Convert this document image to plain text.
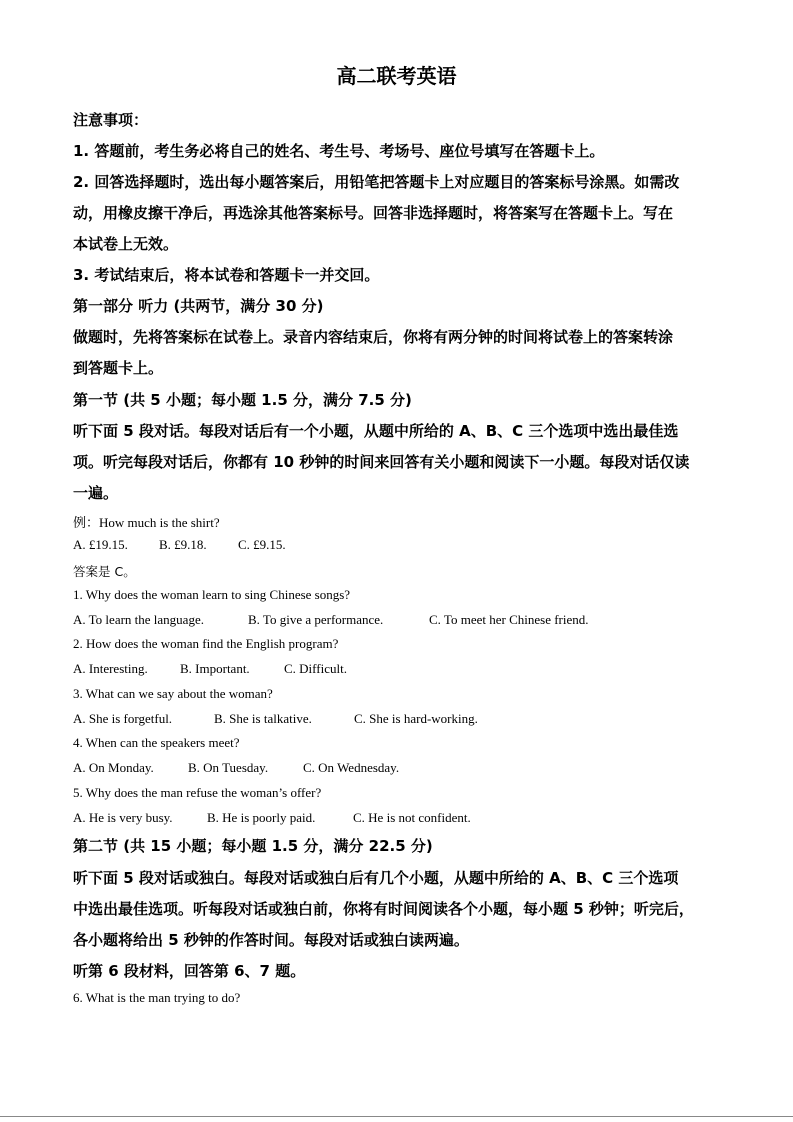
高二联考英语
注意事项：
1. 答题前，考生务必将自己的姓名、考生号、考场号、座位号填写在答题卡上。
2. 回答选择题时，选出每小题答案后，用铅笔把答题卡上对应题目的答案标号涂黑。如需改
动，用橡皮擦干净后，再选涂其他答案标号。回答非选择题时，将答案写在答题卡上。写在
本试卷上无效。
3. 考试结束后，将本试卷和答题卡一并交回。
第一部分 听力 (共两节，满分 30 分)
做题时，先将答案标在试卷上。录音内容结束后，你将有两分钟的时间将试卷上的答案转涂
到答题卡上。
第一节 (共 5 小题；每小题 1.5 分，满分 7.5 分)
听下面 5 段对话。每段对话后有一个小题，从题中所给的 A、B、C 三个选项中选出最佳选
项。听完每段对话后，你都有 10 秒钟的时间来回答有关小题和阅读下一小题。每段对话仅读
一遍。
例：How much is the shirt?
A. £19.15. B. £9.18. C. £9.15.
答案是 C。
1. Why does the woman learn to sing Chinese songs?
A. To learn the language.	B. To give a performance.	C. To meet her Chinese friend.
2. How does the woman find the English program?
A. Interesting. B. Important.	C. Difficult.
3. What can we say about the woman?
A. She is forgetful.	B. She is talkative.	C. She is hard-working.
4. When can the speakers meet?
A. On Monday.	B. On Tuesday.	C. On Wednesday.
5. Why does the man refuse the woman’s offer?
A. He is very busy.	B. He is poorly paid.	C. He is not confident.
第二节 (共 15 小题；每小题 1.5 分，满分 22.5 分)
听下面 5 段对话或独白。每段对话或独白后有几个小题，从题中所给的 A、B、C 三个选项
中选出最佳选项。听每段对话或独白前，你将有时间阅读各个小题，每小题 5 秒钟；听完后，
各小题将给出 5 秒钟的作答时间。每段对话或独白读两遍。
听第 6 段材料，回答第 6、7 题。
6. What is the man trying to do?
